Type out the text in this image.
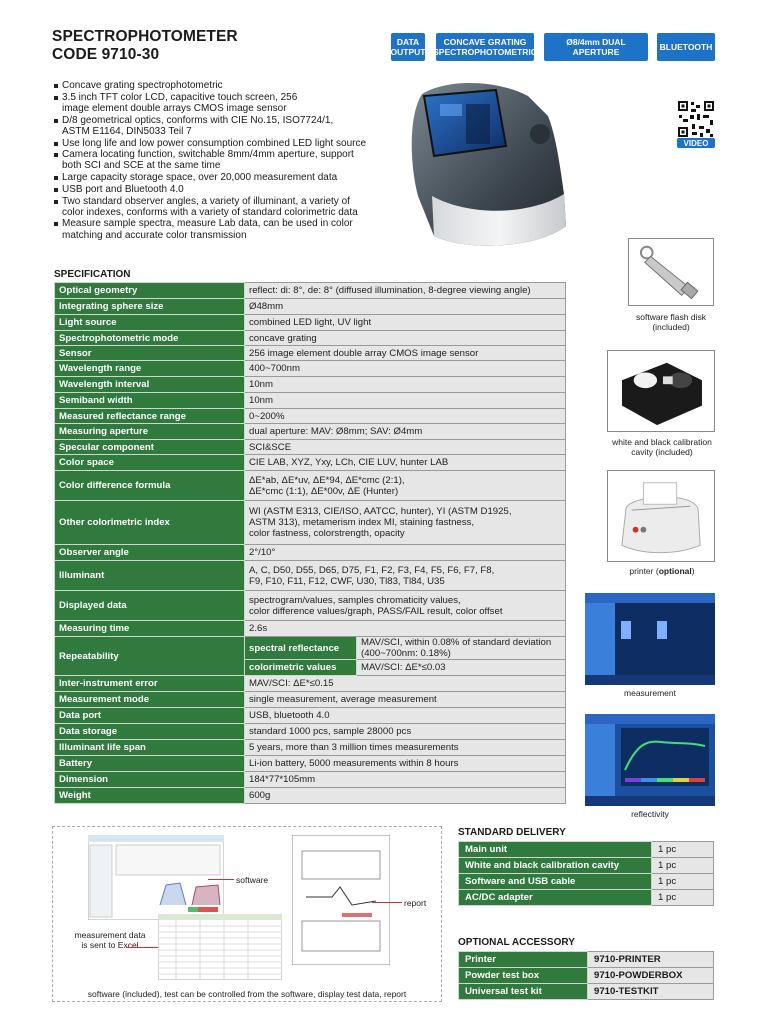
SPECTROPHOTOMETER
CODE 9710-30
DATA
OUTPUT
CONCAVE GRATING
SPECTROPHOTOMETRIC
Ø8/4mm DUAL APERTURE	BLUETOOTH
Concave grating spectrophotometric
3.5 inch TFT color LCD, capacitive touch screen, 256 image element double arrays CMOS image sensor
D/8 geometrical optics, conforms with CIE No.15, ISO7724/1, ASTM E1164, DIN5033 Teil 7
Use long life and low power consumption combined LED light source
Camera locating function, switchable 8mm/4mm aperture, support both SCI and SCE at the same time
Large capacity storage space, over 20,000 measurement data
USB port and Bluetooth 4.0
Two standard observer angles, a variety of illuminant, a variety of color indexes, conforms with a variety of standard colorimetric data
Measure sample spectra, measure Lab data, can be used in color matching and accurate color transmission
VIDEO
SPECIFICATION
Optical geometry	reflect: di: 8°, de: 8° (diffused illumination, 8-degree viewing angle)	
Integrating sphere size	Ø48mm	
Light source	combined LED light, UV light	
Spectrophotometric mode	concave grating	
Sensor	256 image element double array CMOS image sensor	
Wavelength range	400~700nm	
Wavelength interval	10nm	
Semiband width	10nm	
Measured reflectance range	0~200%	
Measuring aperture	dual aperture: MAV: Ø8mm; SAV: Ø4mm	
Specular component	SCI&SCE	
Color space	CIE LAB, XYZ, Yxy, LCh, CIE LUV, hunter LAB	
Color difference formula	ΔE*ab, ΔE*uv, ΔE*94, ΔE*cmc (2:1),
ΔE*cmc (1:1), ΔE*00v, ΔE (Hunter)	

Other colorimetric index	WI (ASTM E313, CIE/ISO, AATCC, hunter), YI (ASTM D1925,
ASTM 313), metamerism index MI, staining fastness,
color fastness, colorstrength, opacity	

Observer angle	2°/10°	
Illuminant	A, C, D50, D55, D65, D75, F1, F2, F3, F4, F5, F6, F7, F8,
F9, F10, F11, F12, CWF, U30, Tl83, Tl84, U35	

Displayed data	spectrogram/values, samples chromaticity values,
color difference values/graph, PASS/FAIL result, color offset	

Measuring time	2.6s	
Repeatability	spectral reflectance	MAV/SCI, within 0.08% of standard deviation (400~700nm: 0.18%)
	colorimetric values	MAV/SCI: ΔE*≤0.03
Inter-instrument error	MAV/SCI: ΔE*≤0.15	
Measurement mode	single measurement, average measurement	
Data port	USB, bluetooth 4.0	
Data storage	standard 1000 pcs, sample 28000 pcs	
Illuminant life span	5 years, more than 3 million times measurements	
Battery	Li-ion battery, 5000 measurements within 8 hours	
Dimension	184*77*105mm	
Weight	600g	
software flash disk
(included)
white and black calibration
cavity (included)
printer (optional)
measurement
reflectivity
software
report
measurement data
is sent to Excel
software (included), test can be controlled from the software, display test data, report
STANDARD DELIVERY
Main unit	1 pc
White and black calibration cavity	1 pc
Software and USB cable	1 pc
AC/DC adapter	1 pc
OPTIONAL ACCESSORY
Printer	9710-PRINTER
Powder test box	9710-POWDERBOX
Universal test kit	9710-TESTKIT
